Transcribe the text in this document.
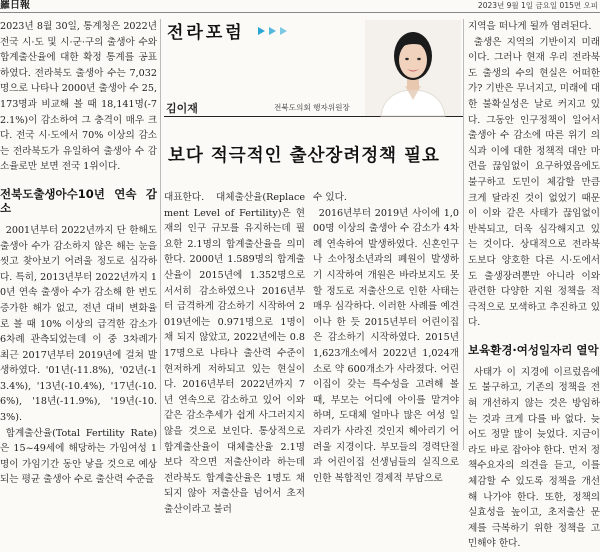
羅日報	2023년 9월 1일 금요일 015면 오피

2023년 8월 30일, 통계청은 2022년 전국 시·도 및 시·군·구의 출생아 수와 합계출산율에 대한 확정 통계를 공표하였다. 전라북도 출생아 수는 7,032명으로 나타나 2000년 출생아 수 25,173명과 비교해 볼 때 18,141명(-72.1%)이 감소하여 그 충격이 매우 크다. 전국 시·도에서 70% 이상의 감소는 전라북도가 유일하여 출생아 수 감소율로만 보면 전국 1위이다.

전북도출생아수10년 연속 감소

2001년부터 2022년까지 단 한해도 출생아 수가 감소하지 않은 해는 눈을 씻고 찾아보기 어려울 정도로 심각하다. 특히, 2013년부터 2022년까지 10년 연속 출생아 수가 감소해 한 번도 증가한 해가 없고, 전년 대비 변화율로 볼 때 10% 이상의 급격한 감소가 6차례 관측되었는데 이 중 3차례가 최근 2017년부터 2019년에 걸쳐 발생하였다. '01년(-11.8%), '02년(-13.4%), '13년(-10.4%), '17년(-10.6%), '18년(-11.9%), '19년(-10.3%).

합계출산율(Total Fertility Rate)은 15~49세에 해당하는 가임여성 1명이 가임기간 동안 낳을 것으로 예상되는 평균 출생아 수로 출산력 수준을

전라포럼
김이재	전북도의회 행자위원장
보다 적극적인 출산장려정책 필요

대표한다. 대체출산율(Replacement Level of Fertility)은 현재의 인구 규모를 유지하는데 필요한 2.1명의 합계출산율을 의미한다. 2000년 1.589명의 합계출산율이 2015년에 1.352명으로 서서히 감소하였으나 2016년부터 급격하게 감소하기 시작하여 2019년에는 0.971명으로 1명이 채 되지 않았고, 2022년에는 0.817명으로 나타나 출산력 수준이 현저하게 저하되고 있는 현실이다. 2016년부터 2022년까지 7년 연속으로 감소하고 있어 이와 같은 감소추세가 쉽게 사그러지지 않을 것으로 보인다. 통상적으로 합계출산율이 대체출산율 2.1명보다 작으면 저출산이라 하는데 전라북도 합계출산율은 1명도 채 되지 않아 저출산을 넘어서 초저출산이라고 불러

수 있다.

2016년부터 2019년 사이에 1,000명 이상의 출생아 수 감소가 4차례 연속하여 발생하였다. 신혼인구나 소아청소년과의 폐원이 발생하기 시작하여 개원은 바라보지도 못할 정도로 저출산으로 인한 사태는 매우 심각하다. 이러한 사례를 예견이나 한 듯 2015년부터 어린이집은 감소하기 시작하였다. 2015년 1,623개소에서 2022년 1,024개소로 약 600개소가 사라졌다. 어린이집이 갖는 특수성을 고려해 볼 때, 부모는 어디에 아이를 맡겨야 하며, 도대체 얼마나 많은 여성 일자리가 사라진 것인지 헤아리기 어려울 지경이다. 부모들의 경력단절과 어린이집 선생님들의 실직으로 인한 복합적인 경제적 부담으로

지역을 떠나게 될까 염려된다.

출생은 지역의 기반이지 미래이다. 그러나 현재 우리 전라북도 출생의 수의 현실은 어떠한가? 기반은 무너지고, 미래에 대한 불확실성은 날로 커지고 있다. 그동안 인구정책이 일어서 출생아 수 감소에 따른 위기 의식과 이에 대한 정책적 대안 마련을 끊임없이 요구하였음에도 불구하고 도민이 체감할 만큼 크게 달라진 것이 없었기 때문이 이와 같은 사태가 끊임없이 반복되고, 더욱 심각해지고 있는 것이다. 상대적으로 전라북도보다 양호한 다른 시·도에서도 출생장려뿐만 아니라 이와 관련한 다양한 지원 정책을 적극적으로 모색하고 추진하고 있다.

보육환경·여성일자리 열악

사태가 이 지경에 이르렀음에도 불구하고, 기존의 정책을 전혀 개선하지 않는 것은 방임하는 것과 크게 다를 바 없다. 늦어도 정말 많이 늦었다. 지금이라도 바로 잡아야 한다. 먼저 정책수요자의 의견을 듣고, 이를 체감할 수 있도록 정책을 개선해 나가야 한다. 또한, 정책의 실효성을 높이고, 초저출산 문제를 극복하기 위한 정책을 고민해야 한다.
